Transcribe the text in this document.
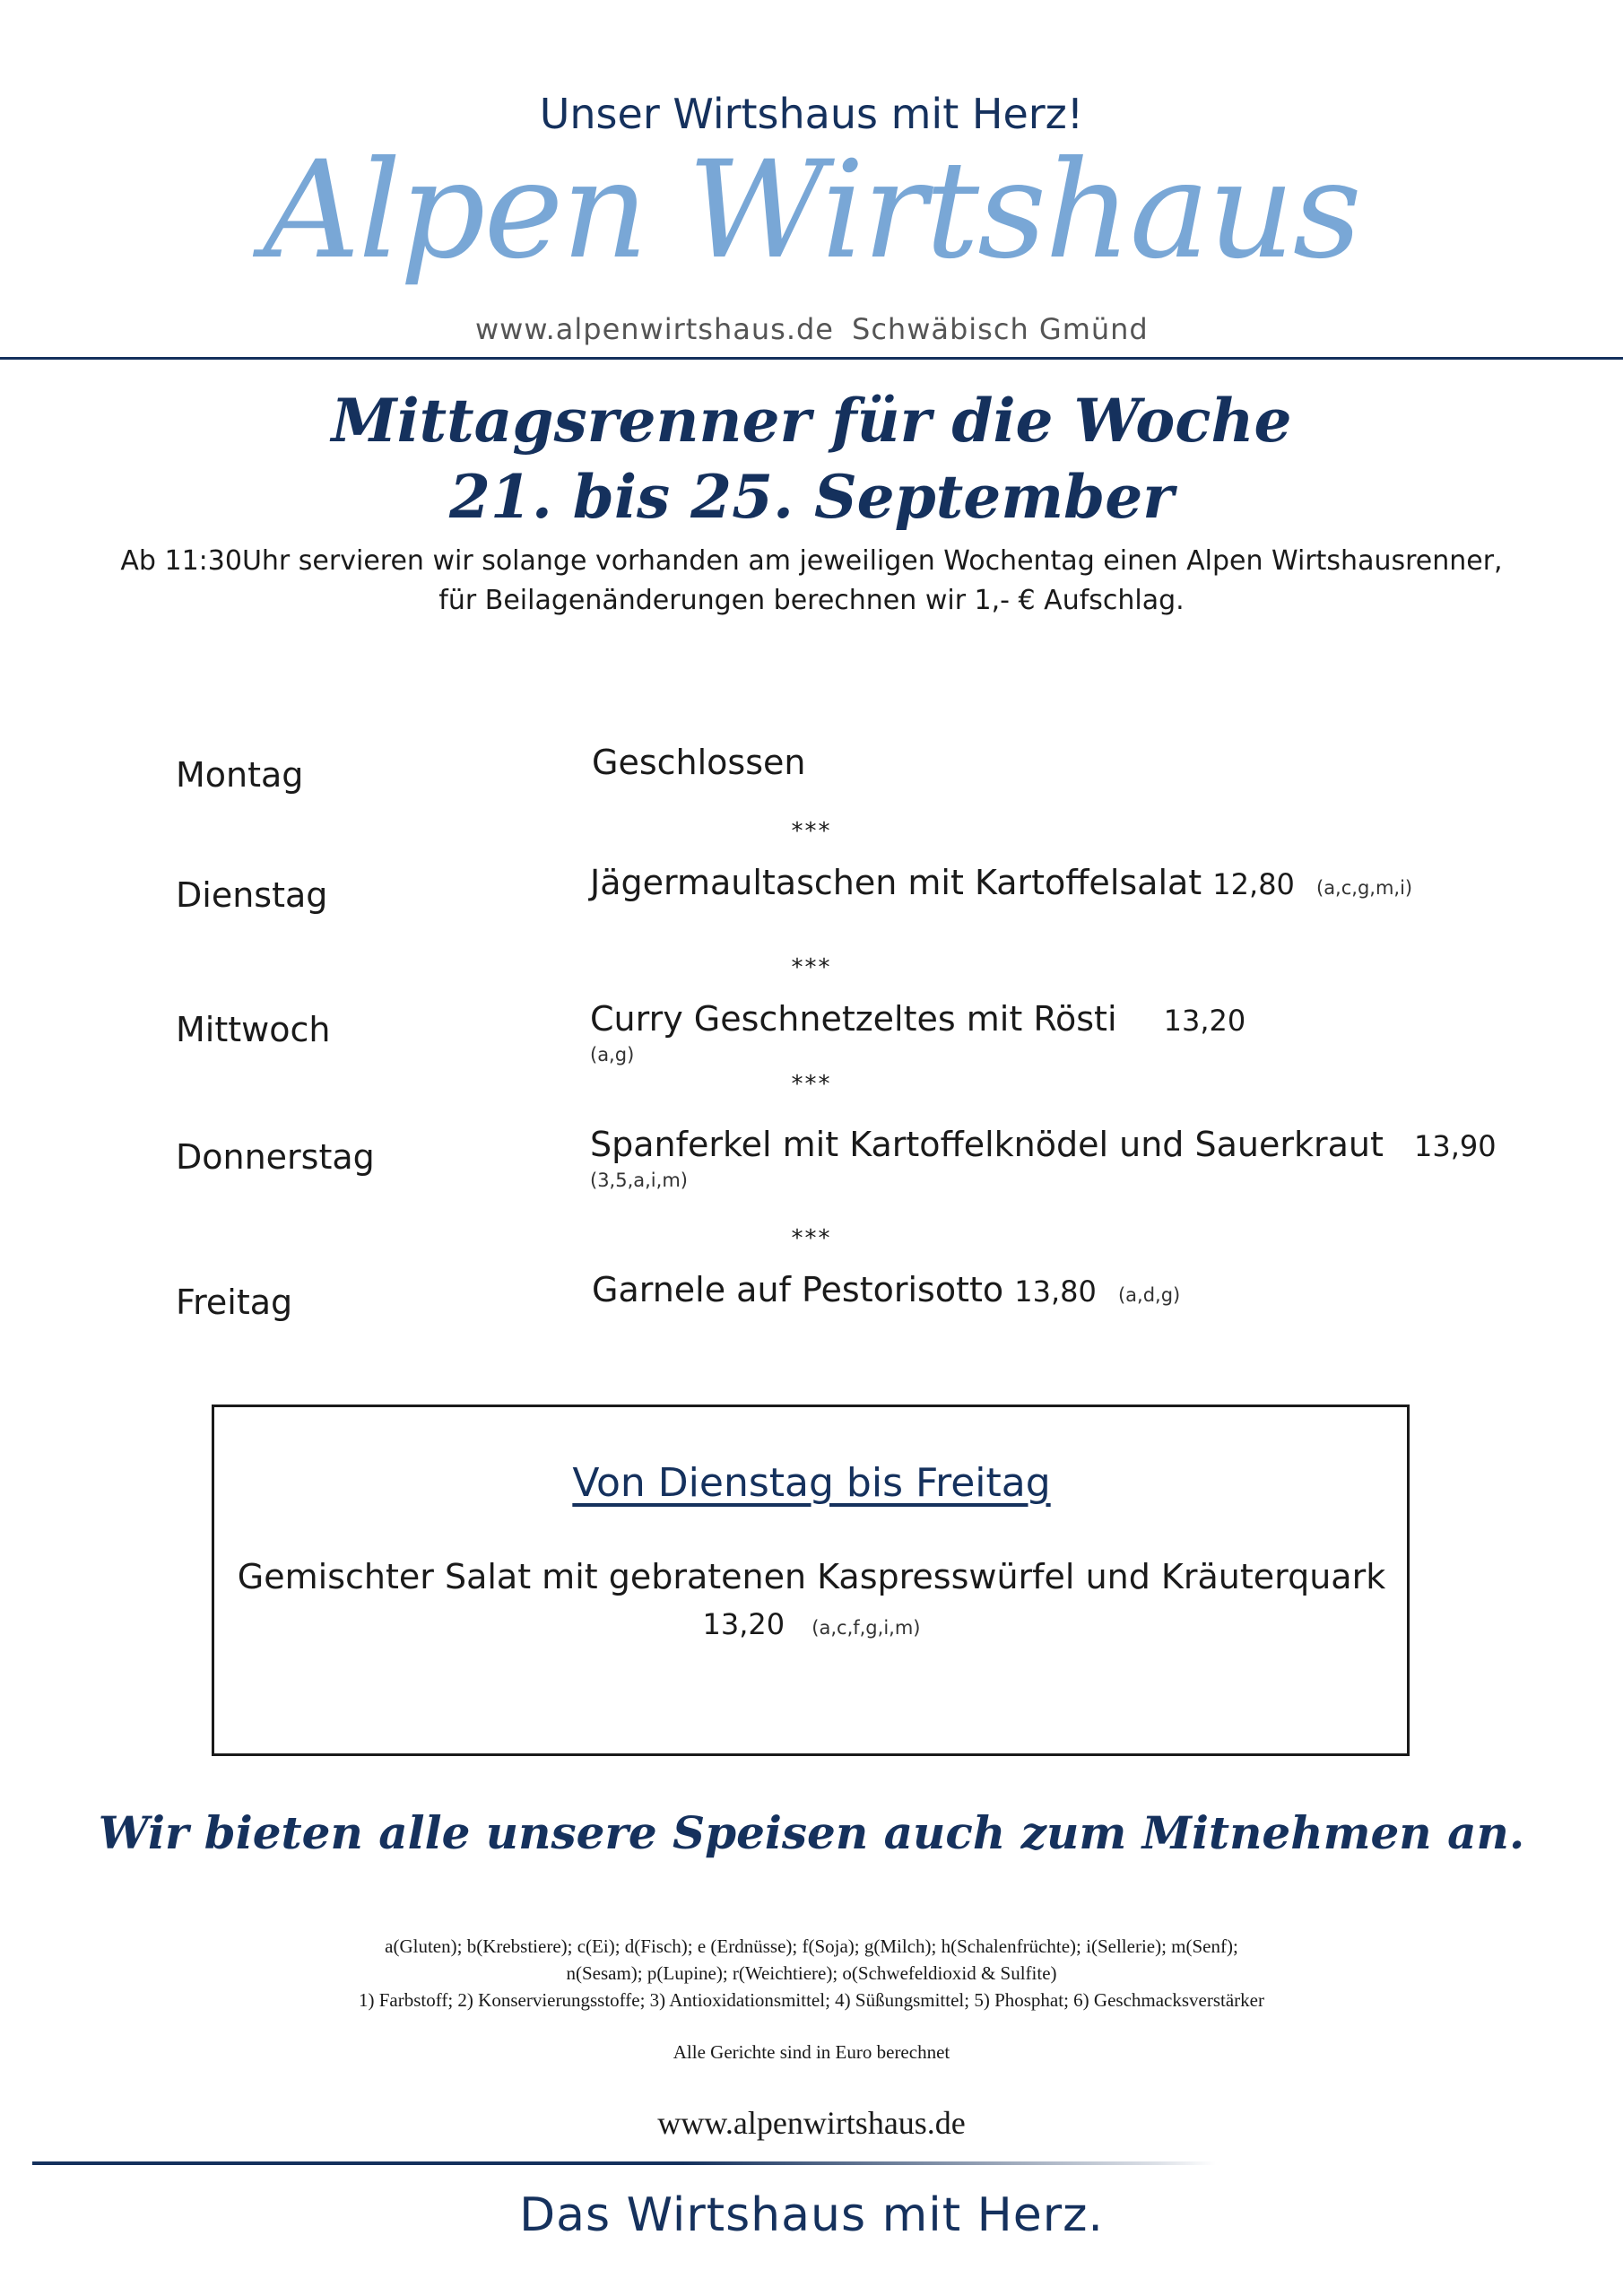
Unser Wirtshaus mit Herz!
Alpen Wirtshaus
www.alpenwirtshaus.de Schwäbisch Gmünd
Mittagsrenner für die Woche
21. bis 25. September
Ab 11:30Uhr servieren wir solange vorhanden am jeweiligen Wochentag einen Alpen Wirtshausrenner,
für Beilagenänderungen berechnen wir 1,- € Aufschlag.
Montag	Geschlossen
***
Dienstag	Jägermaultaschen mit Kartoffelsalat 12,80 (a,c,g,m,i)
***
Mittwoch	Curry Geschnetzeltes mit Rösti 13,20
(a,g)
***
Donnerstag	Spanferkel mit Kartoffelknödel und Sauerkraut 13,90
(3,5,a,i,m)
***
Freitag	Garnele auf Pestorisotto 13,80 (a,d,g)
Von Dienstag bis Freitag
Gemischter Salat mit gebratenen Kaspresswürfel und Kräuterquark
13,20 (a,c,f,g,i,m)
Wir bieten alle unsere Speisen auch zum Mitnehmen an.
a(Gluten); b(Krebstiere); c(Ei); d(Fisch); e (Erdnüsse); f(Soja); g(Milch); h(Schalenfrüchte); i(Sellerie); m(Senf);
n(Sesam); p(Lupine); r(Weichtiere); o(Schwefeldioxid & Sulfite)
1) Farbstoff; 2) Konservierungsstoffe; 3) Antioxidationsmittel; 4) Süßungsmittel; 5) Phosphat; 6) Geschmacksverstärker
Alle Gerichte sind in Euro berechnet
www.alpenwirtshaus.de
Das Wirtshaus mit Herz.
